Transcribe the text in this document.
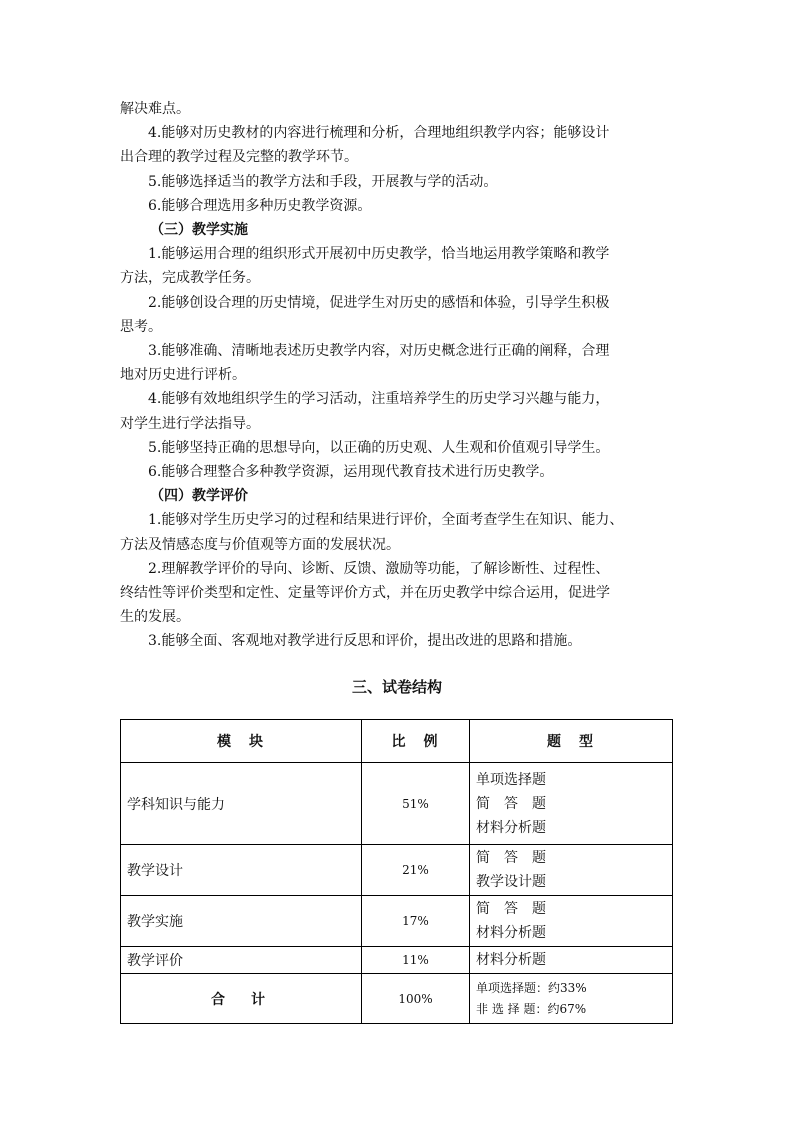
解决难点。
4.能够对历史教材的内容进行梳理和分析，合理地组织教学内容；能够设计
出合理的教学过程及完整的教学环节。
5.能够选择适当的教学方法和手段，开展教与学的活动。
6.能够合理选用多种历史教学资源。
（三）教学实施
1.能够运用合理的组织形式开展初中历史教学，恰当地运用教学策略和教学
方法，完成教学任务。
2.能够创设合理的历史情境，促进学生对历史的感悟和体验，引导学生积极
思考。
3.能够准确、清晰地表述历史教学内容，对历史概念进行正确的阐释，合理
地对历史进行评析。
4.能够有效地组织学生的学习活动，注重培养学生的历史学习兴趣与能力，
对学生进行学法指导。
5.能够坚持正确的思想导向，以正确的历史观、人生观和价值观引导学生。
6.能够合理整合多种教学资源，运用现代教育技术进行历史教学。
（四）教学评价
1.能够对学生历史学习的过程和结果进行评价，全面考查学生在知识、能力、
方法及情感态度与价值观等方面的发展状况。
2.理解教学评价的导向、诊断、反馈、激励等功能，了解诊断性、过程性、
终结性等评价类型和定性、定量等评价方式，并在历史教学中综合运用，促进学
生的发展。
3.能够全面、客观地对教学进行反思和评价，提出改进的思路和措施。
三、试卷结构
模　块	比　例	题　型
学科知识与能力	51%	单项选择题
简　答　题
材料分析题

教学设计	21%	简　答　题
教学设计题

教学实施	17%	简　答　题
材料分析题

教学评价	11%	材料分析题

合　计	100%	单项选择题：约33%
非 选 择 题：约67%
